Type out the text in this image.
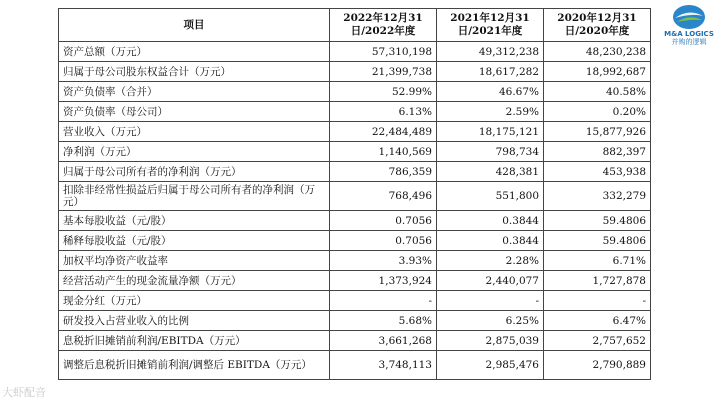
项目	2022年12月31日/2022年度	2021年12月31日/2021年度	2020年12月31日/2020年度
资产总额（万元）	57,310,198	49,312,238	48,230,238
归属于母公司股东权益合计（万元）	21,399,738	18,617,282	18,992,687
资产负债率（合并）	52.99%	46.67%	40.58%
资产负债率（母公司）	6.13%	2.59%	0.20%
营业收入（万元）	22,484,489	18,175,121	15,877,926
净利润（万元）	1,140,569	798,734	882,397
归属于母公司所有者的净利润（万元）	786,359	428,381	453,938
扣除非经常性损益后归属于母公司所有者的净利润（万元）	768,496	551,800	332,279
基本每股收益（元/股）	0.7056	0.3844	59.4806
稀释每股收益（元/股）	0.7056	0.3844	59.4806
加权平均净资产收益率	3.93%	2.28%	6.71%
经营活动产生的现金流量净额（万元）	1,373,924	2,440,077	1,727,878
现金分红（万元）	-	-	-
研发投入占营业收入的比例	5.68%	6.25%	6.47%
息税折旧摊销前利润/EBITDA（万元）	3,661,268	2,875,039	2,757,652
调整后息税折旧摊销前利润/调整后 EBITDA（万元）	3,748,113	2,985,476	2,790,889
M&A LOGICS
并购的逻辑
大虾配音
